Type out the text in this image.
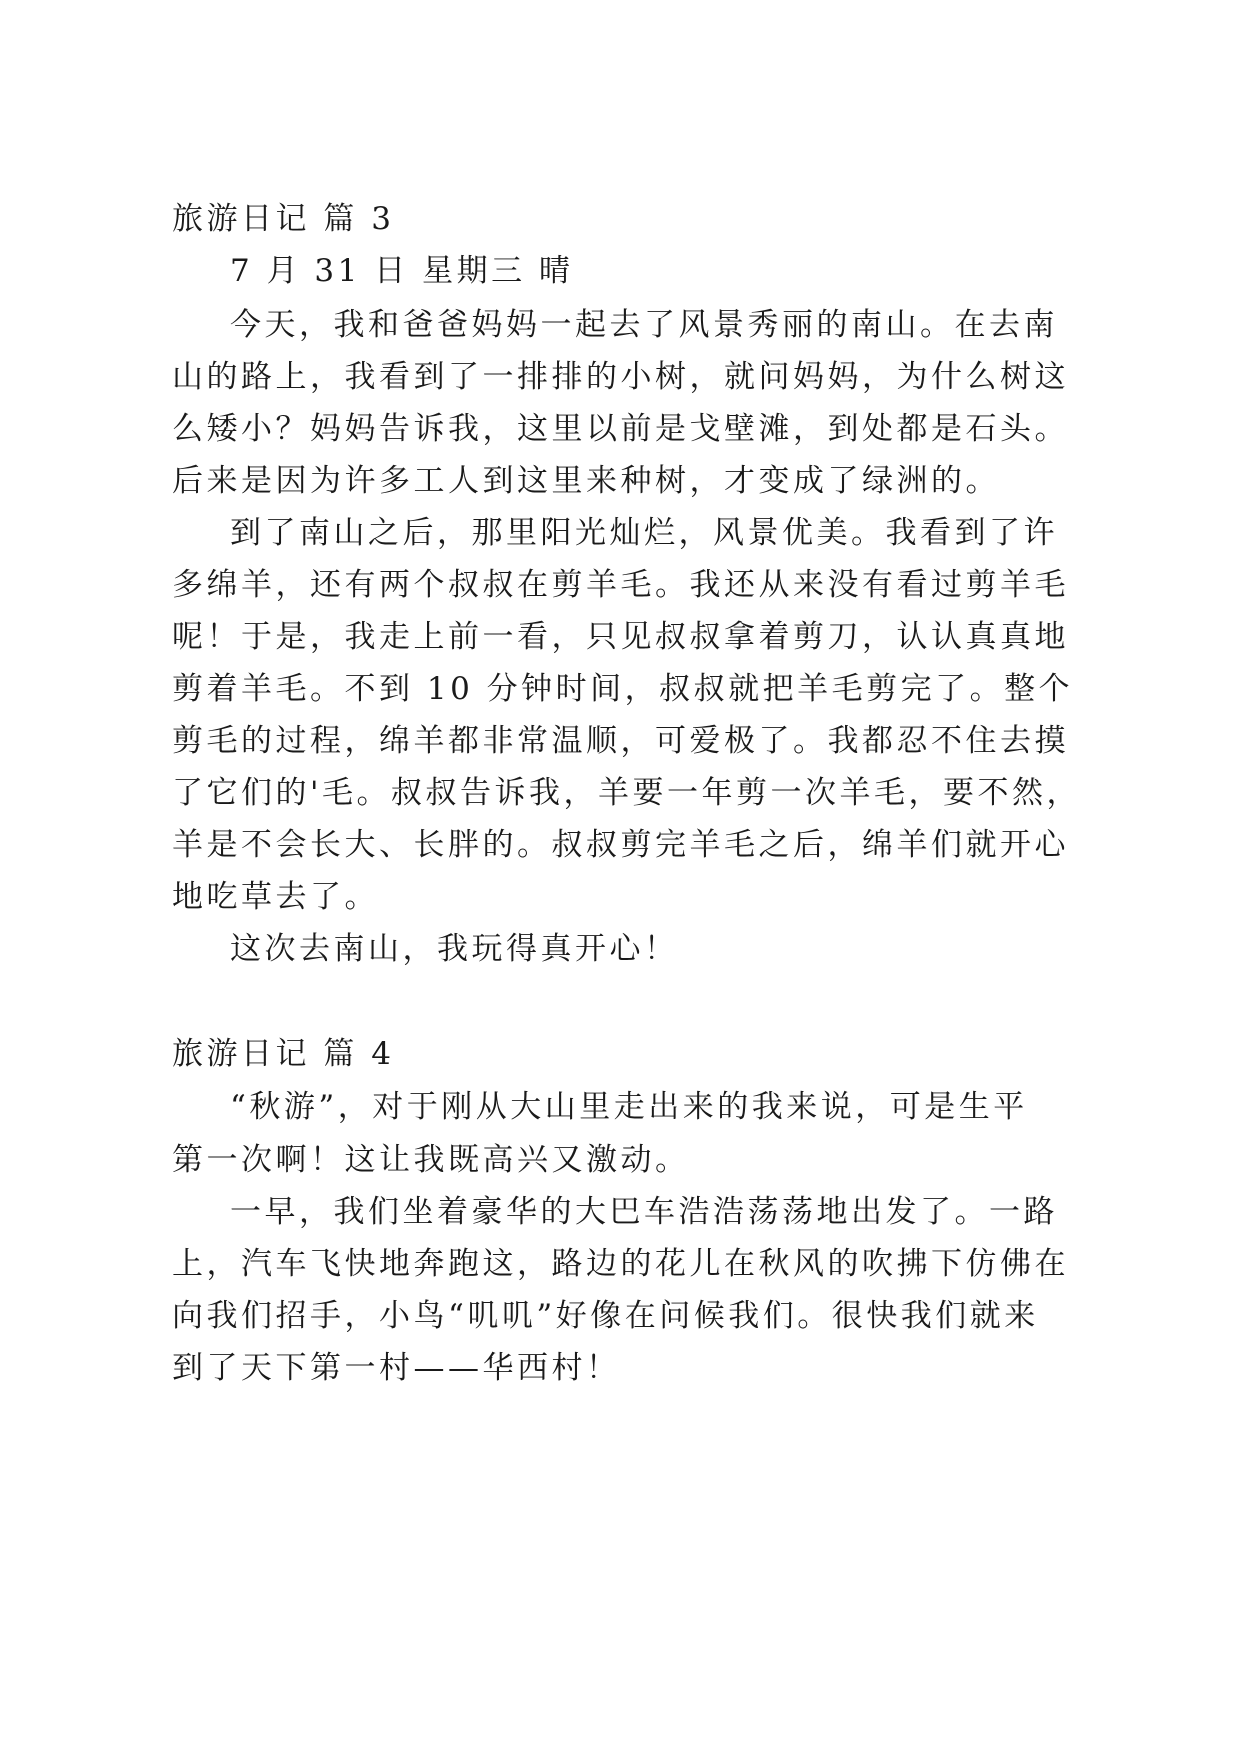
旅游日记 篇 3
7 月 31 日 星期三 晴
今天，我和爸爸妈妈一起去了风景秀丽的南山。在去南
山的路上，我看到了一排排的小树，就问妈妈，为什么树这
么矮小？妈妈告诉我，这里以前是戈壁滩，到处都是石头。
后来是因为许多工人到这里来种树，才变成了绿洲的。
到了南山之后，那里阳光灿烂，风景优美。我看到了许
多绵羊，还有两个叔叔在剪羊毛。我还从来没有看过剪羊毛
呢！于是，我走上前一看，只见叔叔拿着剪刀，认认真真地
剪着羊毛。不到 10 分钟时间，叔叔就把羊毛剪完了。整个
剪毛的过程，绵羊都非常温顺，可爱极了。我都忍不住去摸
了它们的'毛。叔叔告诉我，羊要一年剪一次羊毛，要不然，
羊是不会长大、长胖的。叔叔剪完羊毛之后，绵羊们就开心
地吃草去了。
这次去南山，我玩得真开心！
旅游日记 篇 4
“秋游”，对于刚从大山里走出来的我来说，可是生平
第一次啊！这让我既高兴又激动。
一早，我们坐着豪华的大巴车浩浩荡荡地出发了。一路
上，汽车飞快地奔跑这，路边的花儿在秋风的吹拂下仿佛在
向我们招手，小鸟“叽叽”好像在问候我们。很快我们就来
到了天下第一村——华西村！
